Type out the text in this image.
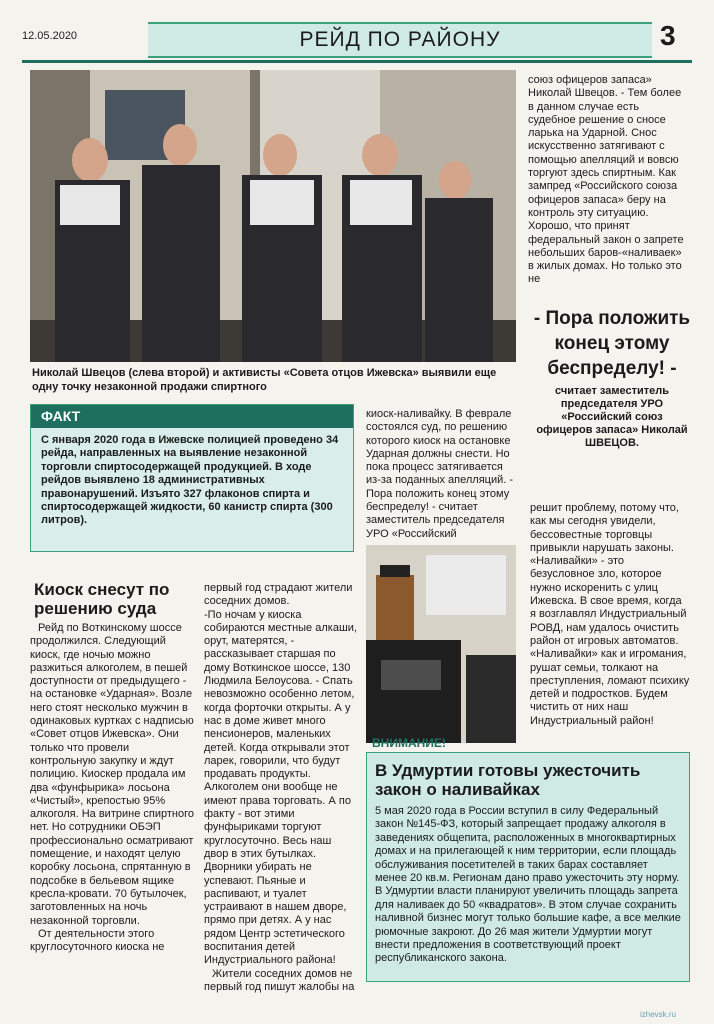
12.05.2020	РЕЙД ПО РАЙОНУ	3
Николай Швецов (слева второй) и активисты «Совета отцов Ижевска» выявили еще одну точку незаконной продажи спиртного
союз офицеров запаса» Николай Швецов. - Тем более в данном случае есть судебное решение о сносе ларька на Ударной. Снос искусственно затягивают с помощью апелляций и вовсю торгуют здесь спиртным. Как зампред «Российского союза офицеров запаса» беру на контроль эту ситуацию. Хорошо, что принят федеральный закон о запрете небольших баров-«наливаек» в жилых домах. Но только это не
- Пора положить конец этому беспределу! -
считает заместитель председателя УРО «Российский союз офицеров запаса» Николай ШВЕЦОВ.
ФАКТ
С января 2020 года в Ижевске полицией проведено 34 рейда, направленных на выявление незаконной торговли спиртосодержащей продукцией. В ходе рейдов выявлено 18 административных правонарушений. Изъято 327 флаконов спирта и спиртосодержащей жидкости, 60 канистр спирта (300 литров).
киоск-наливайку. В феврале состоялся суд, по решению которого киоск на остановке Ударная должны снести. Но пока процесс затягивается из-за поданных апелляций. - Пора положить конец этому беспределу! - считает заместитель председателя УРО «Российский
решит проблему, потому что, как мы сегодня увидели, бессовестные торговцы привыкли нарушать законы. «Наливайки» - это безусловное зло, которое нужно искоренить с улиц Ижевска. В свое время, когда я возглавлял Индустриальный РОВД, нам удалось очистить район от игровых автоматов. «Наливайки» как и игромания, рушат семьи, толкают на преступления, ломают психику детей и подростков. Будем чистить от них наш Индустриальный район!
Киоск снесут по решению суда

Рейд по Воткинскому шоссе продолжился. Следующий киоск, где ночью можно разжиться алкоголем, в пешей доступности от предыдущего - на остановке «Ударная». Возле него стоят несколько мужчин в одинаковых куртках с надписью «Совет отцов Ижевска». Они только что провели контрольную закупку и ждут полицию. Киоскер продала им два «фунфырика» лосьона «Чистый», крепостью 95% алкоголя. На витрине спиртного нет. Но сотрудники ОБЭП профессионально осматривают помещение, и находят целую коробку лосьона, спрятанную в подсобке в бельевом ящике кресла-кровати. 70 бутылочек, заготовленных на ночь незаконной торговли.

От деятельности этого круглосуточного киоска не

первый год страдают жители соседних домов.

-По ночам у киоска собираются местные алкаши, орут, матерятся, - рассказывает старшая по дому Воткинское шоссе, 130 Людмила Белоусова. - Спать невозможно особенно летом, когда форточки открыты. А у нас в доме живет много пенсионеров, маленьких детей. Когда открывали этот ларек, говорили, что будут продавать продукты. Алкоголем они вообще не имеют права торговать. А по факту - вот этими фунфыриками торгуют круглосуточно. Весь наш двор в этих бутылках. Дворники убирать не успевают. Пьяные и распивают, и туалет устраивают в нашем дворе, прямо при детях. А у нас рядом Центр эстетического воспитания детей Индустриального района!

Жители соседних домов не первый год пишут жалобы на

ВНИМАНИЕ!
В Удмуртии готовы ужесточить закон о наливайках
5 мая 2020 года в России вступил в силу Федеральный закон №145-ФЗ, который запрещает продажу алкоголя в заведениях общепита, расположенных в многоквартирных домах и на прилегающей к ним территории, если площадь обслуживания посетителей в таких барах составляет менее 20 кв.м. Регионам дано право ужесточить эту норму. В Удмуртии власти планируют увеличить площадь запрета для наливаек до 50 «квадратов». В этом случае сохранить наливной бизнес могут только большие кафе, а все мелкие рюмочные закроют. До 26 мая жители Удмуртии могут внести предложения в соответствующий проект республиканского закона.
izhevsk.ru
